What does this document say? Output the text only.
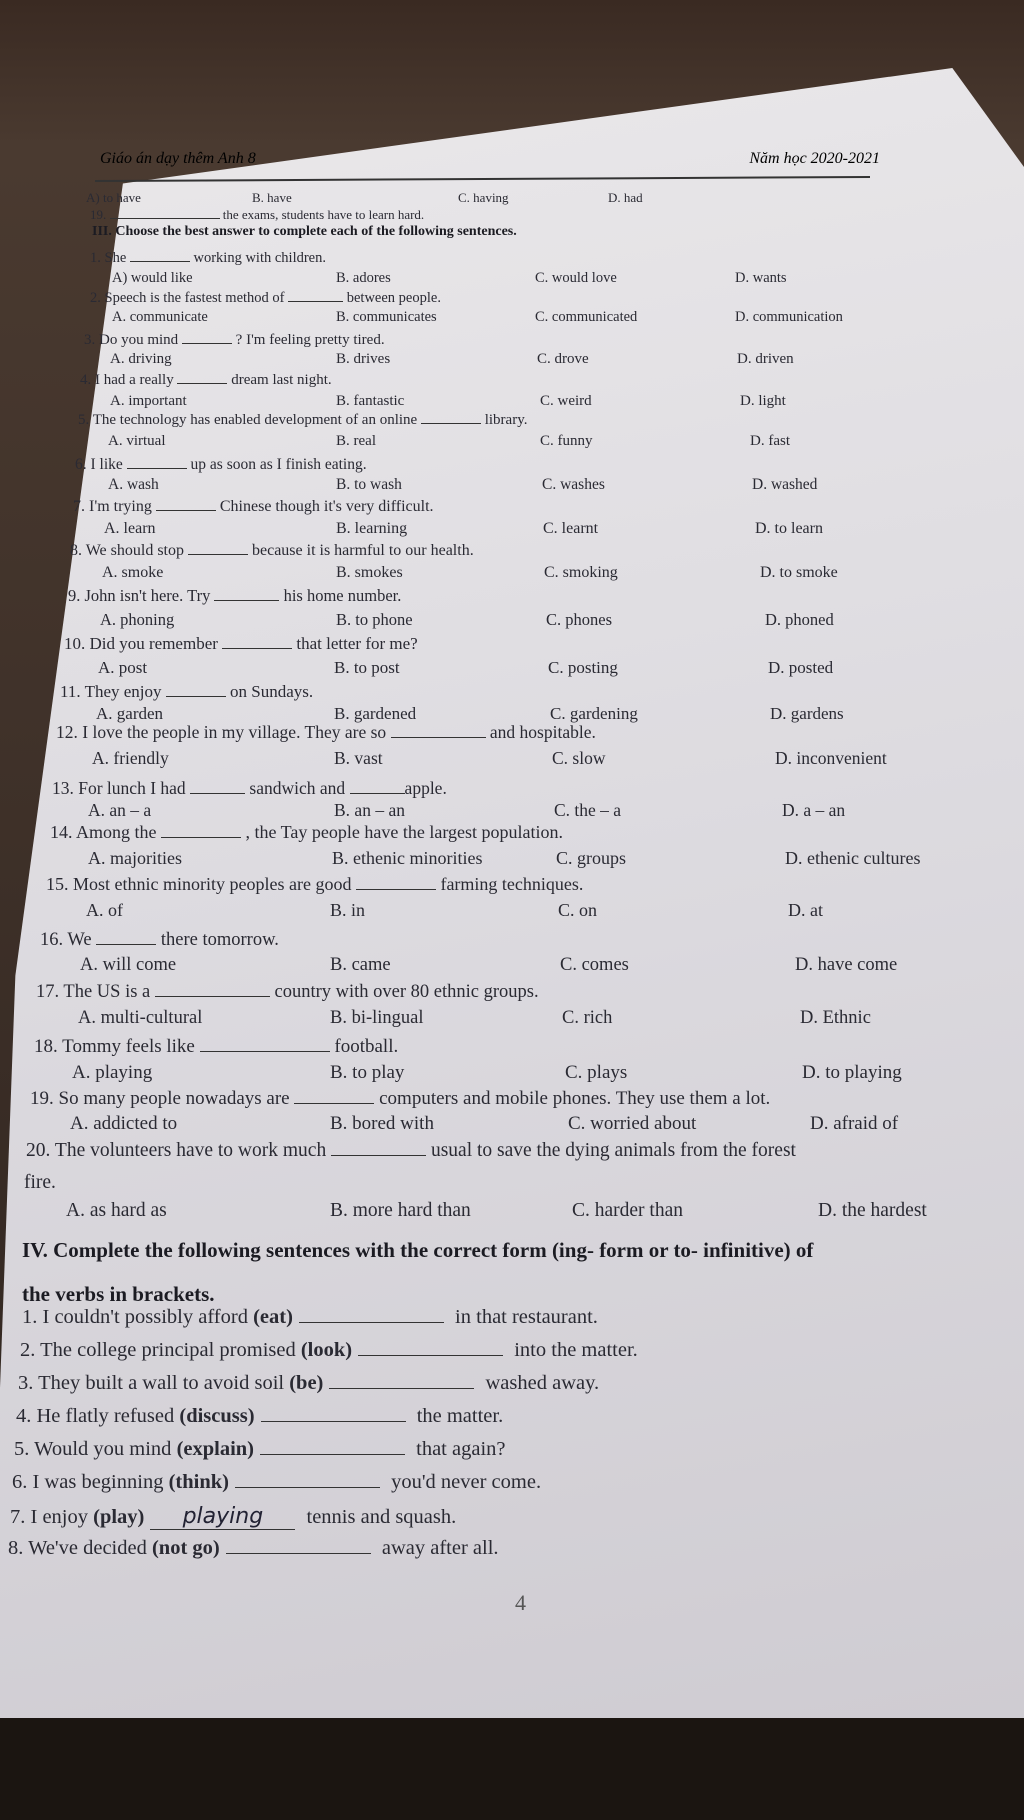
Giáo án dạy thêm Anh 8	Năm học 2020-2021
A) to have	B. have	C. having	D. had
19.	the exams, students have to learn hard.
III. Choose the best answer to complete each of the following sentences.
1. She	working with children.
A) would like	B. adores	C. would love	D. wants
2. Speech is the fastest method of	between people.
A. communicate	B. communicates	C. communicated	D. communication
3. Do you mind	? I'm feeling pretty tired.
A. driving	B. drives	C. drove	D. driven
4. I had a really	dream last night.
A. important	B. fantastic	C. weird	D. light
5. The technology has enabled development of an online	library.
A. virtual	B. real	C. funny	D. fast
6. I like	up as soon as I finish eating.
A. wash	B. to wash	C. washes	D. washed
7. I'm trying	Chinese though it's very difficult.
A. learn	B. learning	C. learnt	D. to learn
8. We should stop	because it is harmful to our health.
A. smoke	B. smokes	C. smoking	D. to smoke
9. John isn't here. Try	his home number.
A. phoning	B. to phone	C. phones	D. phoned
10. Did you remember	that letter for me?
A. post	B. to post	C. posting	D. posted
11. They enjoy	on Sundays.
A. garden	B. gardened	C. gardening	D. gardens
12. I love the people in my village. They are so	and hospitable.
A. friendly	B. vast	C. slow	D. inconvenient
13. For lunch I had	sandwich and	apple.
A. an – a	B. an – an	C. the – a	D. a – an
14. Among the	, the Tay people have the largest population.
A. majorities	B. ethenic minorities	C. groups	D. ethenic cultures
15. Most ethnic minority peoples are good	farming techniques.
A. of	B. in	C. on	D. at
16. We	there tomorrow.
A. will come	B. came	C. comes	D. have come
17. The US is a	country with over 80 ethnic groups.
A. multi-cultural	B. bi-lingual	C. rich	D. Ethnic
18. Tommy feels like	football.
A. playing	B. to play	C. plays	D. to playing
19. So many people nowadays are	computers and mobile phones. They use them a lot.
A. addicted to	B. bored with	C. worried about	D. afraid of
20. The volunteers have to work much	usual to save the dying animals from the forest
fire.
A. as hard as	B. more hard than	C. harder than	D. the hardest
IV. Complete the following sentences with the correct form (ing- form or to- infinitive) of
the verbs in brackets.
1. I couldn't possibly afford (eat)	in that restaurant.
2. The college principal promised (look)	into the matter.
3. They built a wall to avoid soil (be)	washed away.
4. He flatly refused (discuss)	the matter.
5. Would you mind (explain)	that again?
6. I was beginning (think)	you'd never come.
7. I enjoy (play) playing tennis and squash.
8. We've decided (not go)	away after all.
4
